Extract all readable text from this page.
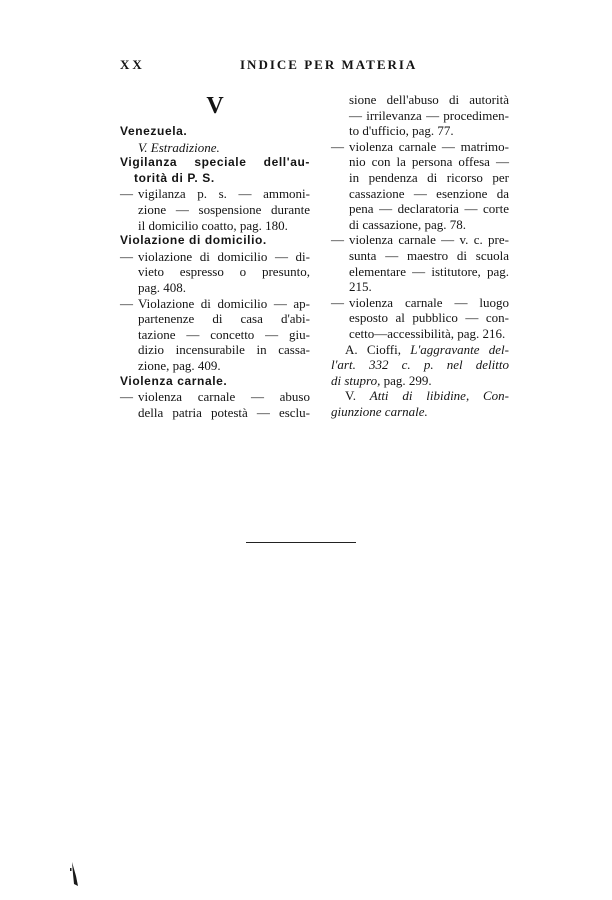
XX	INDICE PER MATERIA
V
Venezuela.
V. Estradizione.
Vigilanza speciale dell'au-
torità di P. S.
— vigilanza p. s. — ammoni-
zione — sospensione durante
il domicilio coatto, pag. 180.
Violazione di domicilio.
— violazione di domicilio — di-
vieto espresso o presunto,
pag. 408.
— Violazione di domicilio — ap-
partenenze di casa d'abi-
tazione — concetto — giu-
dizio incensurabile in cassa-
zione, pag. 409.
Violenza carnale.
— violenza carnale — abuso
della patria potestà — esclu-
sione dell'abuso di autorità
— irrilevanza — procedimen-
to d'ufficio, pag. 77.
— violenza carnale — matrimo-
nio con la persona offesa —
in pendenza di ricorso per
cassazione — esenzione da
pena — declaratoria — corte
di cassazione, pag. 78.
— violenza carnale — v. c. pre-
sunta — maestro di scuola
elementare — istitutore, pag.
215.
— violenza carnale — luogo
esposto al pubblico — con-
cetto—accessibilità, pag. 216.
A. Cioffi, L'aggravante del-
l'art. 332 c. p. nel delitto
di stupro, pag. 299.
V. Atti di libidine, Con-
giunzione carnale.
